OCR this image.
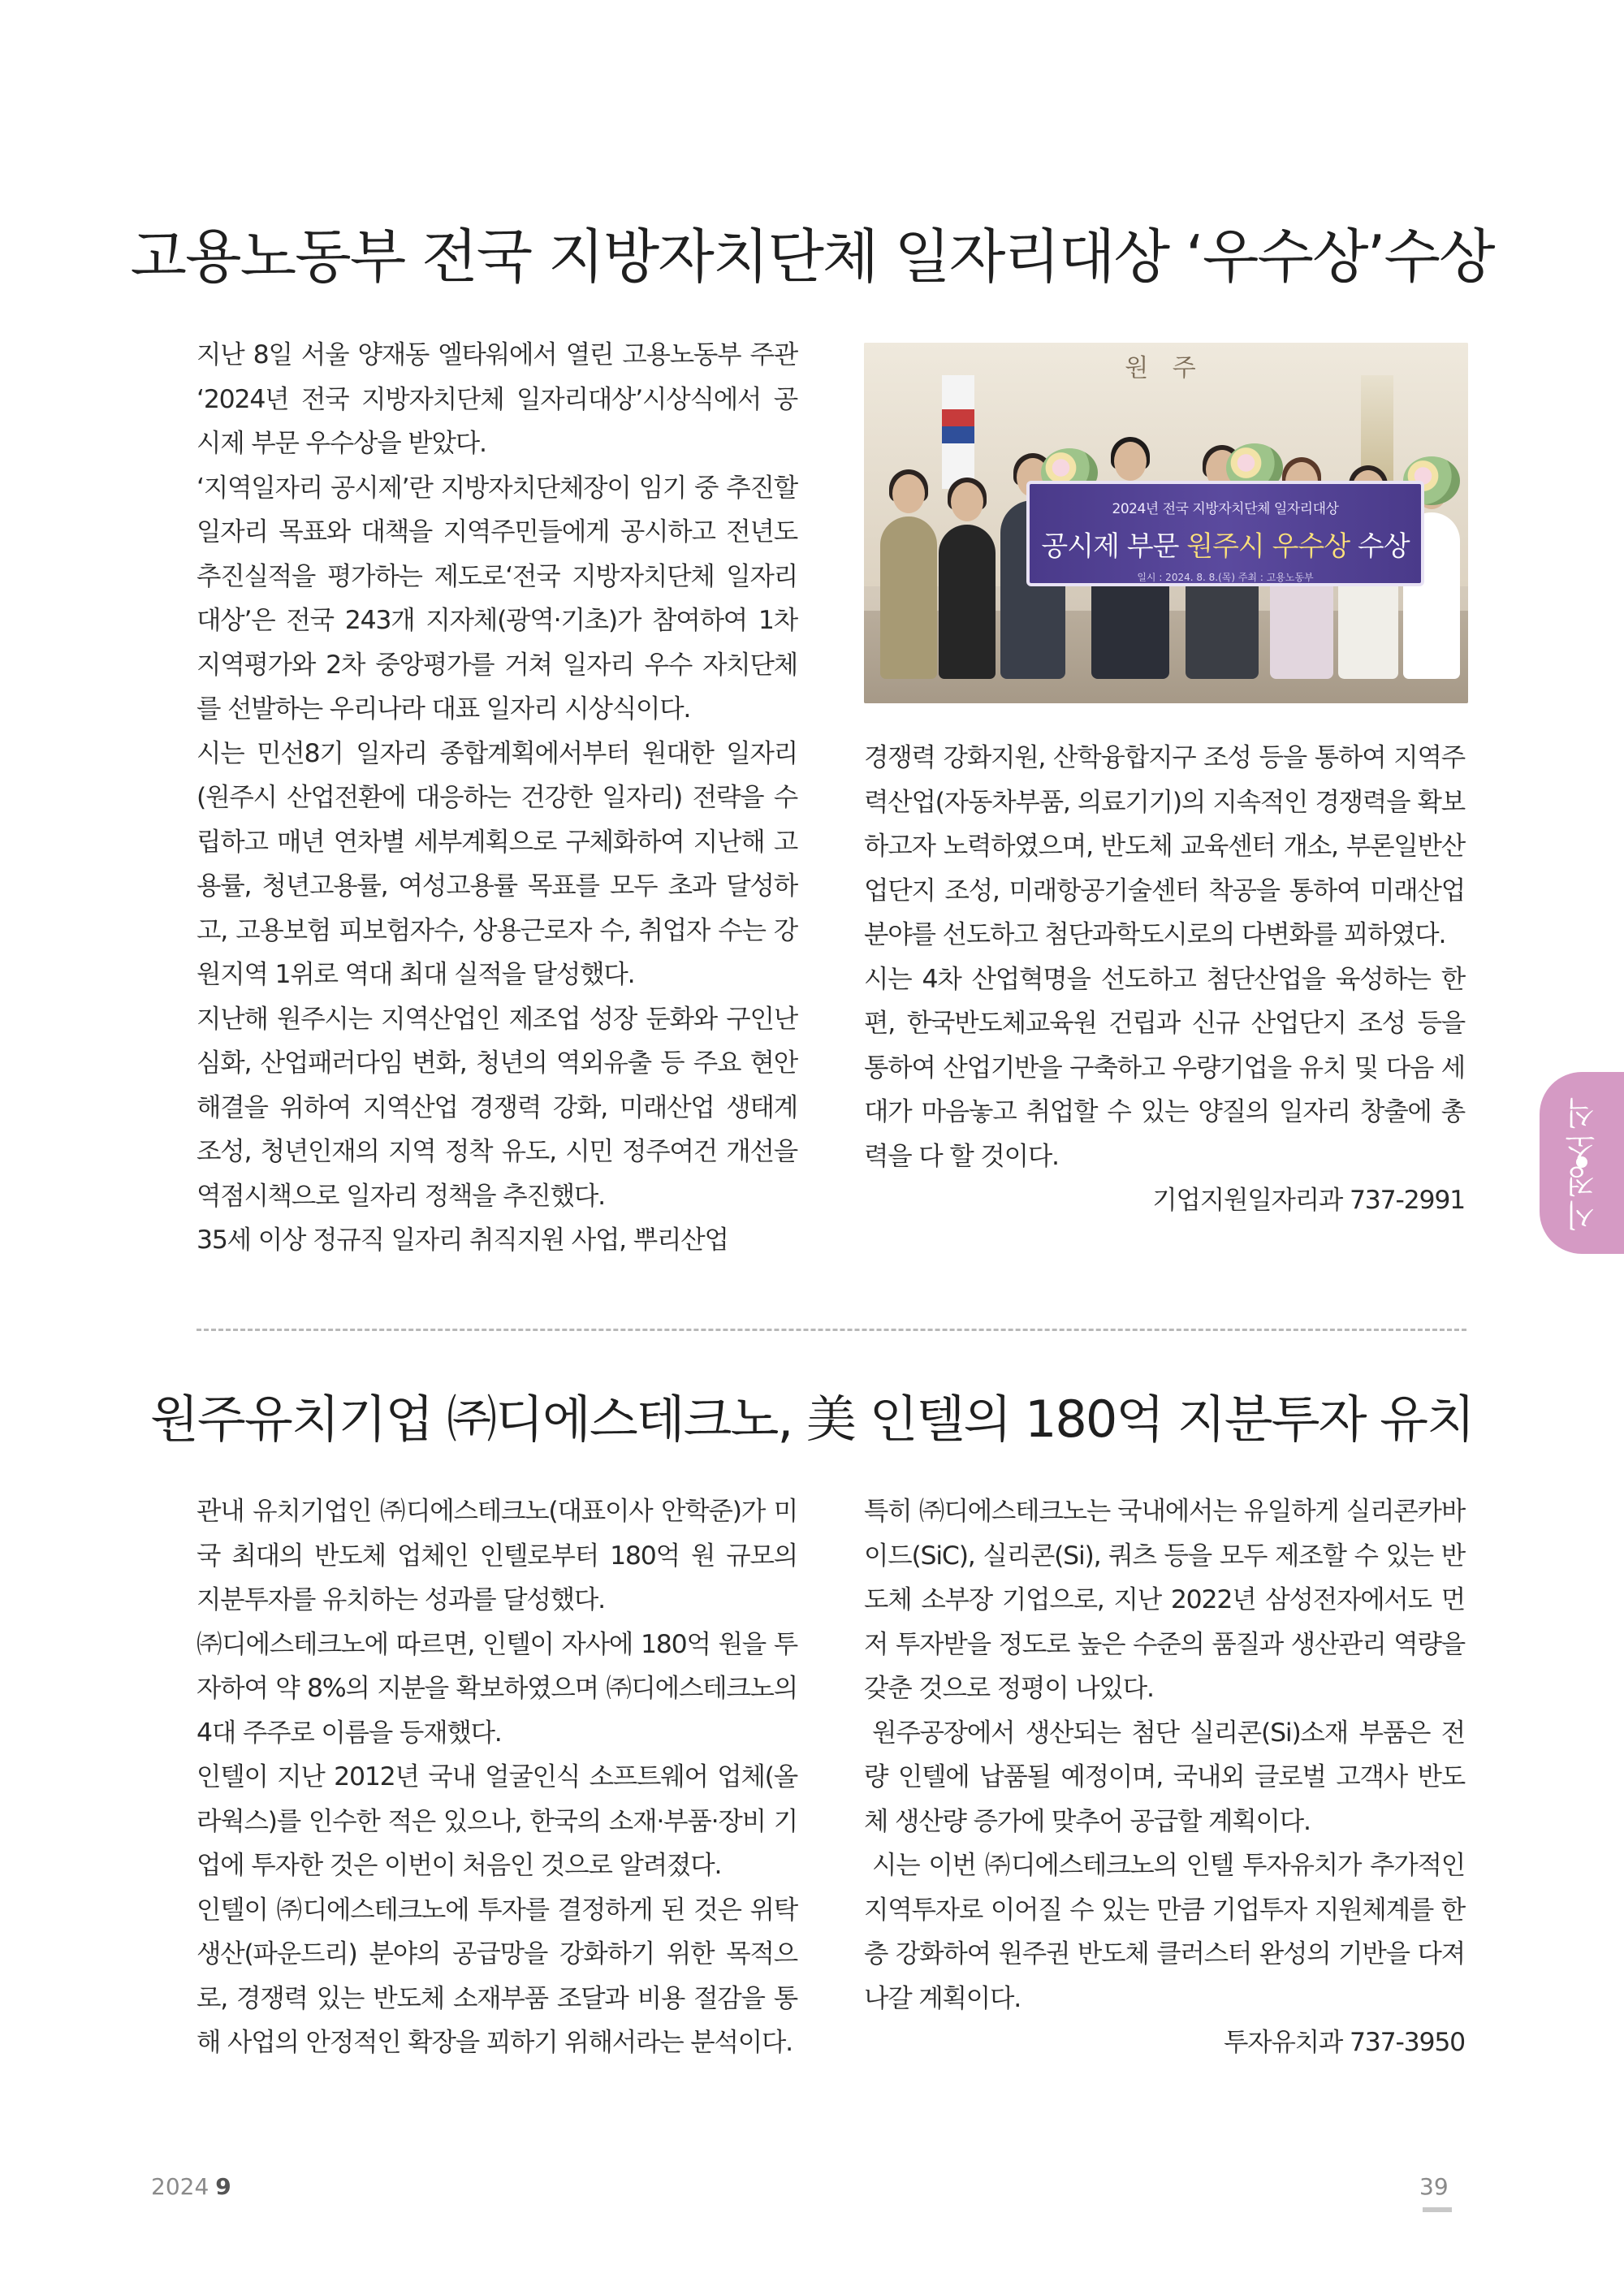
고용노동부 전국 지방자치단체 일자리대상 ‘우수상’수상

지난 8일 서울 양재동 엘타워에서 열린 고용노동부 주관 ‘2024년 전국 지방자치단체 일자리대상’시상식에서 공시제 부문 우수상을 받았다.

‘지역일자리 공시제’란 지방자치단체장이 임기 중 추진할 일자리 목표와 대책을 지역주민들에게 공시하고 전년도 추진실적을 평가하는 제도로‘전국 지방자치단체 일자리대상’은 전국 243개 지자체(광역·기초)가 참여하여 1차 지역평가와 2차 중앙평가를 거쳐 일자리 우수 자치단체를 선발하는 우리나라 대표 일자리 시상식이다.

시는 민선8기 일자리 종합계획에서부터 원대한 일자리(원주시 산업전환에 대응하는 건강한 일자리) 전략을 수립하고 매년 연차별 세부계획으로 구체화하여 지난해 고용률, 청년고용률, 여성고용률 목표를 모두 초과 달성하고, 고용보험 피보험자수, 상용근로자 수, 취업자 수는 강원지역 1위로 역대 최대 실적을 달성했다.

지난해 원주시는 지역산업인 제조업 성장 둔화와 구인난 심화, 산업패러다임 변화, 청년의 역외유출 등 주요 현안 해결을 위하여 지역산업 경쟁력 강화, 미래산업 생태계 조성, 청년인재의 지역 정착 유도, 시민 정주여건 개선을 역점시책으로 일자리 정책을 추진했다.

35세 이상 정규직 일자리 취직지원 사업, 뿌리산업

원 주
2024년 전국 지방자치단체 일자리대상
공시제 부문 원주시 우수상 수상
일시 : 2024. 8. 8.(목) 주최 : 고용노동부

경쟁력 강화지원, 산학융합지구 조성 등을 통하여 지역주력산업(자동차부품, 의료기기)의 지속적인 경쟁력을 확보하고자 노력하였으며, 반도체 교육센터 개소, 부론일반산업단지 조성, 미래항공기술센터 착공을 통하여 미래산업 분야를 선도하고 첨단과학도시로의 다변화를 꾀하였다.

시는 4차 산업혁명을 선도하고 첨단산업을 육성하는 한편, 한국반도체교육원 건립과 신규 산업단지 조성 등을 통하여 산업기반을 구축하고 우량기업을 유치 및 다음 세대가 마음놓고 취업할 수 있는 양질의 일자리 창출에 총력을 다 할 것이다.

기업지원일자리과 737-2991

원주유치기업 ㈜디에스테크노, 美 인텔의 180억 지분투자 유치

관내 유치기업인 ㈜디에스테크노(대표이사 안학준)가 미국 최대의 반도체 업체인 인텔로부터 180억 원 규모의 지분투자를 유치하는 성과를 달성했다.

㈜디에스테크노에 따르면, 인텔이 자사에 180억 원을 투자하여 약 8%의 지분을 확보하였으며 ㈜디에스테크노의 4대 주주로 이름을 등재했다.

인텔이 지난 2012년 국내 얼굴인식 소프트웨어 업체(올라웍스)를 인수한 적은 있으나, 한국의 소재·부품·장비 기업에 투자한 것은 이번이 처음인 것으로 알려졌다.

인텔이 ㈜디에스테크노에 투자를 결정하게 된 것은 위탁생산(파운드리) 분야의 공급망을 강화하기 위한 목적으로, 경쟁력 있는 반도체 소재부품 조달과 비용 절감을 통해 사업의 안정적인 확장을 꾀하기 위해서라는 분석이다.

특히 ㈜디에스테크노는 국내에서는 유일하게 실리콘카바이드(SiC), 실리콘(Si), 쿼츠 등을 모두 제조할 수 있는 반도체 소부장 기업으로, 지난 2022년 삼성전자에서도 먼저 투자받을 정도로 높은 수준의 품질과 생산관리 역량을 갖춘 것으로 정평이 나있다.

원주공장에서 생산되는 첨단 실리콘(Si)소재 부품은 전량 인텔에 납품될 예정이며, 국내외 글로벌 고객사 반도체 생산량 증가에 맞추어 공급할 계획이다.

시는 이번 ㈜디에스테크노의 인텔 투자유치가 추가적인 지역투자로 이어질 수 있는 만큼 기업투자 지원체계를 한층 강화하여 원주권 반도체 클러스터 완성의 기반을 다져나갈 계획이다.

투자유치과 737-3950

시정소식
2024 9	39
